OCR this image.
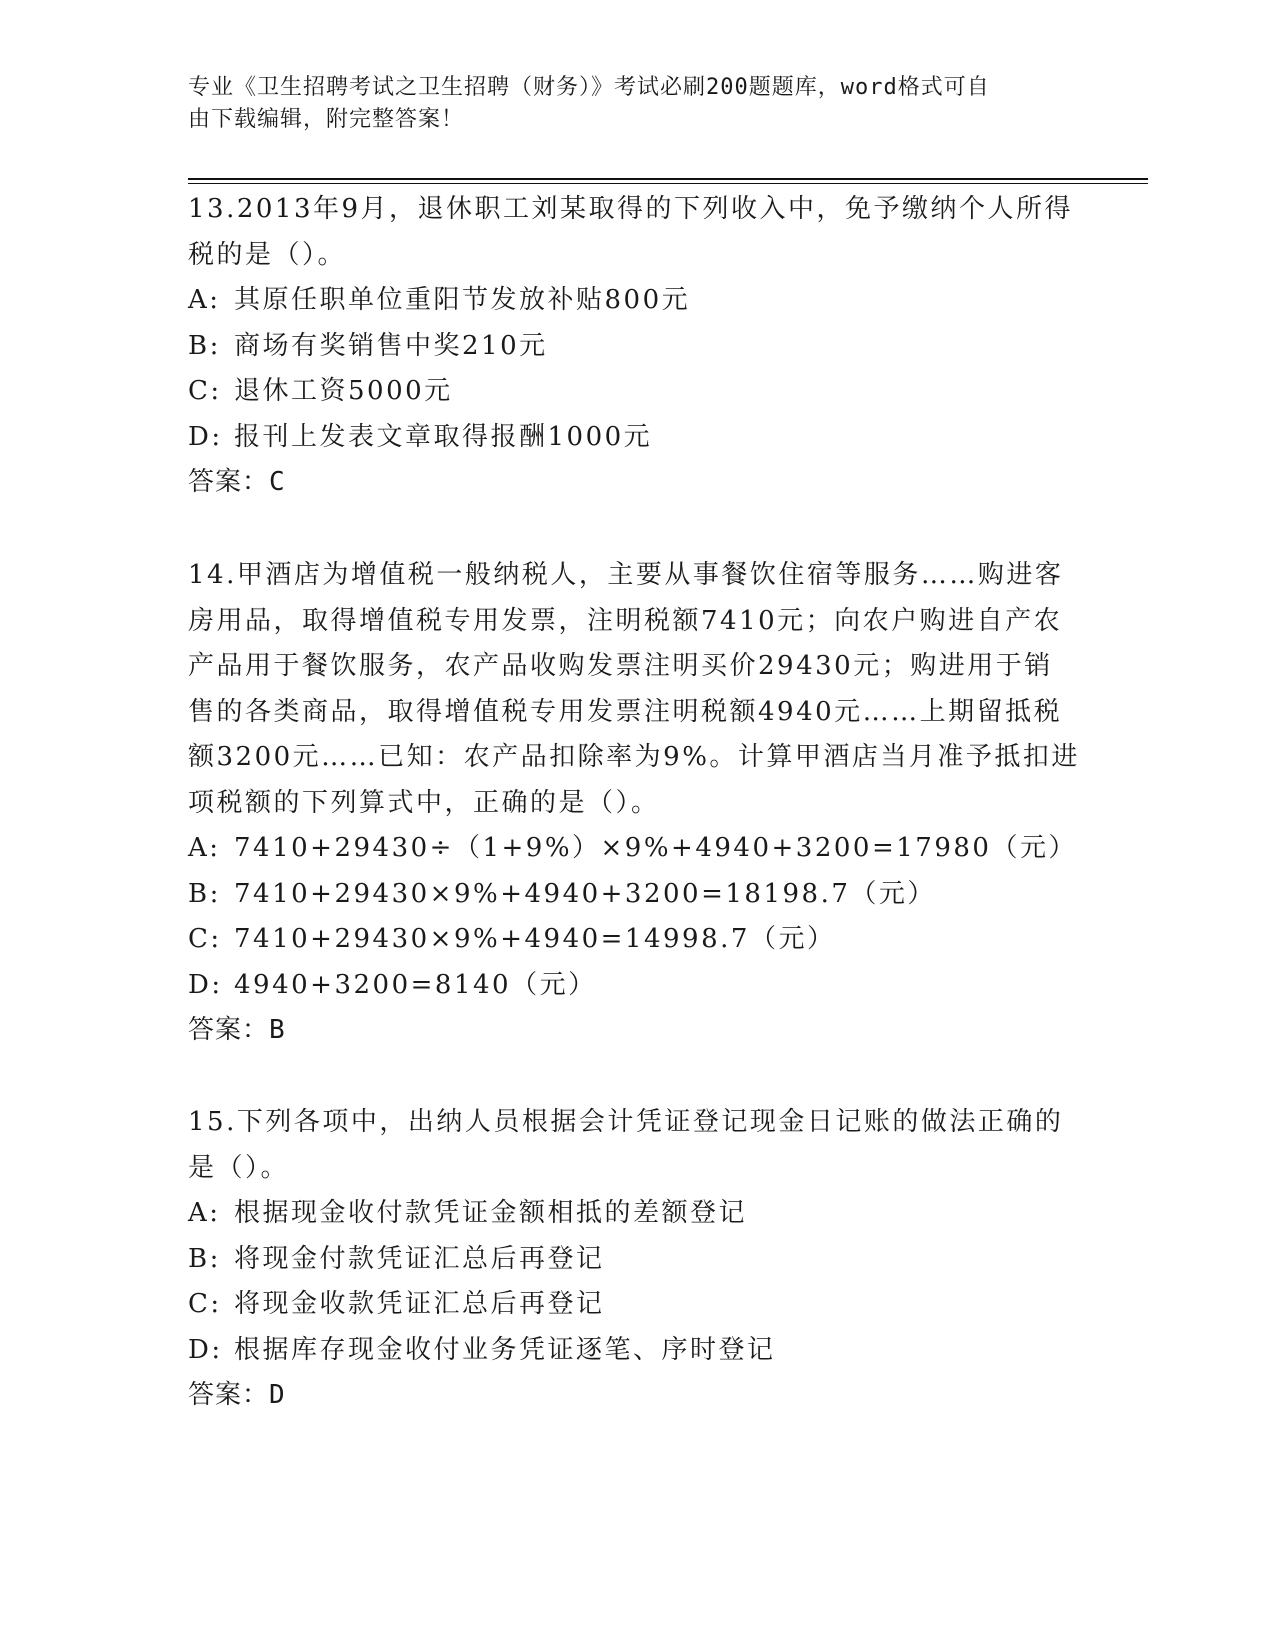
专业《卫生招聘考试之卫生招聘（财务）》考试必刷200题题库，word格式可自
由下载编辑，附完整答案！

13.2013年9月，退休职工刘某取得的下列收入中，免予缴纳个人所得

税的是（）。

A: 其原任职单位重阳节发放补贴800元

B: 商场有奖销售中奖210元

C: 退休工资5000元

D: 报刊上发表文章取得报酬1000元

答案：C

14.甲酒店为增值税一般纳税人，主要从事餐饮住宿等服务……购进客

房用品，取得增值税专用发票，注明税额7410元；向农户购进自产农

产品用于餐饮服务，农产品收购发票注明买价29430元；购进用于销

售的各类商品，取得增值税专用发票注明税额4940元……上期留抵税

额3200元……已知：农产品扣除率为9%。计算甲酒店当月准予抵扣进

项税额的下列算式中，正确的是（）。

A: 7410+29430÷（1+9%）×9%+4940+3200=17980（元）

B: 7410+29430×9%+4940+3200=18198.7（元）

C: 7410+29430×9%+4940=14998.7（元）

D: 4940+3200=8140（元）

答案：B

15.下列各项中，出纳人员根据会计凭证登记现金日记账的做法正确的

是（）。

A: 根据现金收付款凭证金额相抵的差额登记

B: 将现金付款凭证汇总后再登记

C: 将现金收款凭证汇总后再登记

D: 根据库存现金收付业务凭证逐笔、序时登记

答案：D
